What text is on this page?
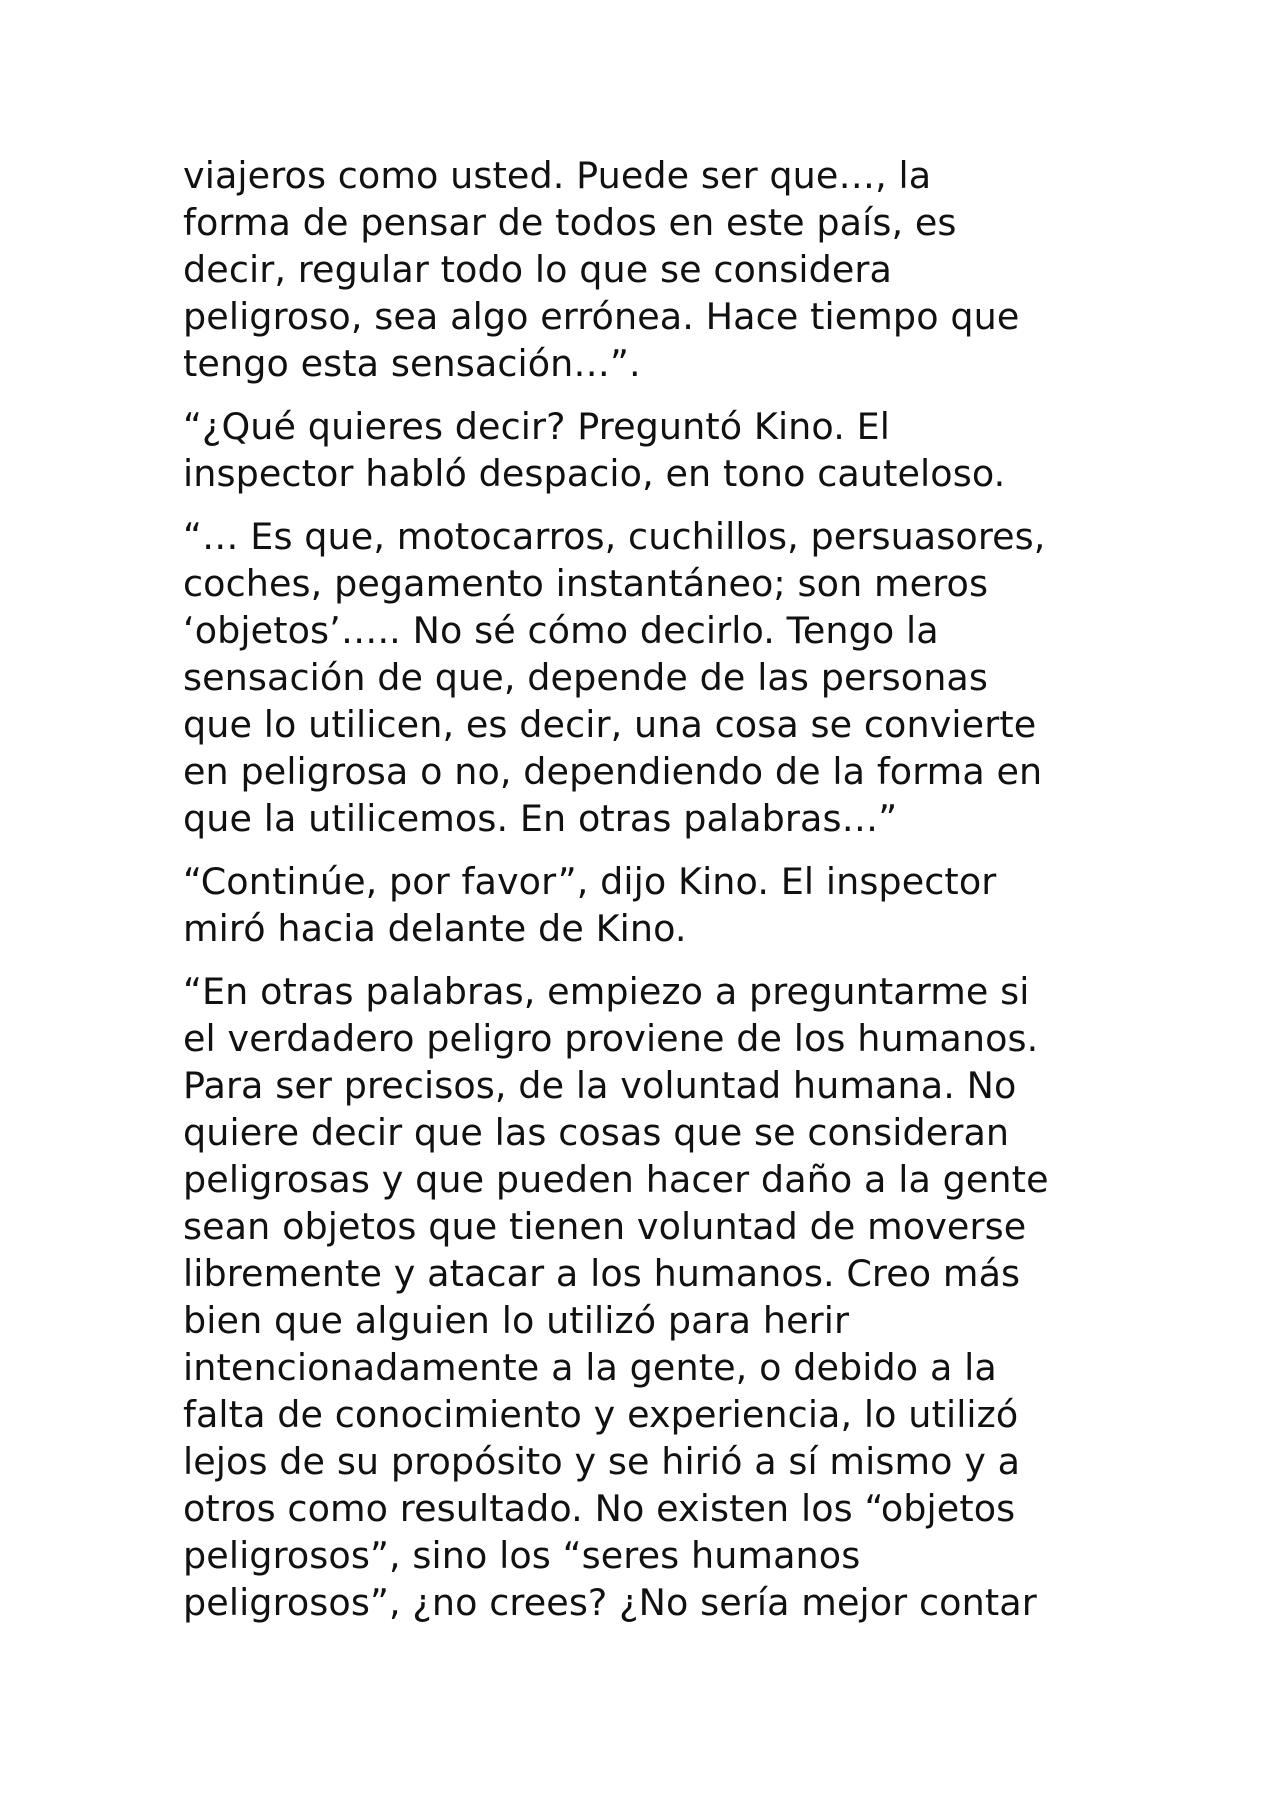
viajeros como usted. Puede ser que…, la
forma de pensar de todos en este país, es
decir, regular todo lo que se considera
peligroso, sea algo errónea. Hace tiempo que
tengo esta sensación…”.

“¿Qué quieres decir? Preguntó Kino. El
inspector habló despacio, en tono cauteloso.

“… Es que, motocarros, cuchillos, persuasores,
coches, pegamento instantáneo; son meros
‘objetos’….. No sé cómo decirlo. Tengo la
sensación de que, depende de las personas
que lo utilicen, es decir, una cosa se convierte
en peligrosa o no, dependiendo de la forma en
que la utilicemos. En otras palabras…”

“Continúe, por favor”, dijo Kino. El inspector
miró hacia delante de Kino.

“En otras palabras, empiezo a preguntarme si
el verdadero peligro proviene de los humanos.
Para ser precisos, de la voluntad humana. No
quiere decir que las cosas que se consideran
peligrosas y que pueden hacer daño a la gente
sean objetos que tienen voluntad de moverse
libremente y atacar a los humanos. Creo más
bien que alguien lo utilizó para herir
intencionadamente a la gente, o debido a la
falta de conocimiento y experiencia, lo utilizó
lejos de su propósito y se hirió a sí mismo y a
otros como resultado. No existen los “objetos
peligrosos”, sino los “seres humanos
peligrosos”, ¿no crees? ¿No sería mejor contar
